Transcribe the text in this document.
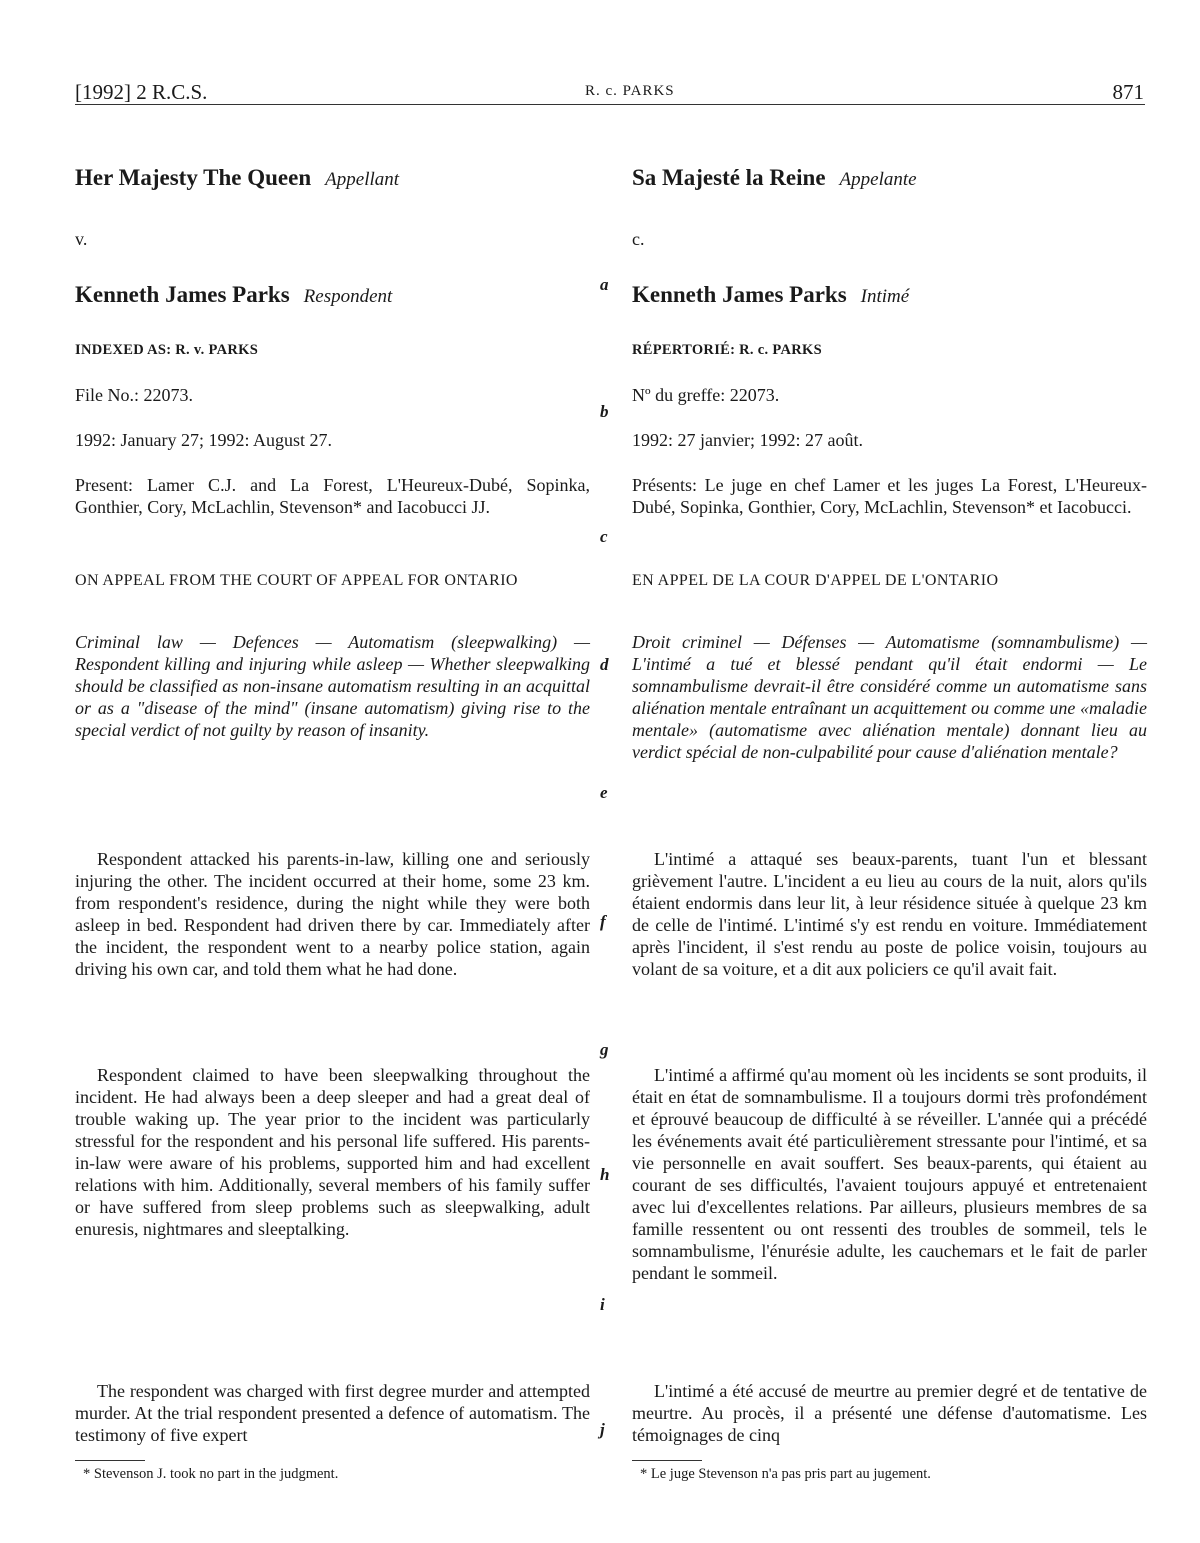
[1992] 2 R.C.S.	R. c. PARKS	871
Her Majesty The Queen Appellant
v.
Kenneth James Parks Respondent
INDEXED AS: R. v. PARKS
File No.: 22073.
1992: January 27; 1992: August 27.
Present: Lamer C.J. and La Forest, L'Heureux-Dubé, Sopinka, Gonthier, Cory, McLachlin, Stevenson* and Iacobucci JJ.
ON APPEAL FROM THE COURT OF APPEAL FOR ONTARIO
Criminal law — Defences — Automatism (sleepwalking) — Respondent killing and injuring while asleep — Whether sleepwalking should be classified as non-insane automatism resulting in an acquittal or as a "disease of the mind" (insane automatism) giving rise to the special verdict of not guilty by reason of insanity.

Respondent attacked his parents-in-law, killing one and seriously injuring the other. The incident occurred at their home, some 23 km. from respondent's residence, during the night while they were both asleep in bed. Respondent had driven there by car. Immediately after the incident, the respondent went to a nearby police station, again driving his own car, and told them what he had done.

Respondent claimed to have been sleepwalking throughout the incident. He had always been a deep sleeper and had a great deal of trouble waking up. The year prior to the incident was particularly stressful for the respondent and his personal life suffered. His parents-in-law were aware of his problems, supported him and had excellent relations with him. Additionally, several members of his family suffer or have suffered from sleep problems such as sleepwalking, adult enuresis, nightmares and sleeptalking.

The respondent was charged with first degree murder and attempted murder. At the trial respondent presented a defence of automatism. The testimony of five expert

* Stevenson J. took no part in the judgment.
Sa Majesté la Reine Appelante
c.
Kenneth James Parks Intimé
RÉPERTORIÉ: R. c. PARKS
Nº du greffe: 22073.
1992: 27 janvier; 1992: 27 août.
Présents: Le juge en chef Lamer et les juges La Forest, L'Heureux-Dubé, Sopinka, Gonthier, Cory, McLachlin, Stevenson* et Iacobucci.
EN APPEL DE LA COUR D'APPEL DE L'ONTARIO
Droit criminel — Défenses — Automatisme (somnambulisme) — L'intimé a tué et blessé pendant qu'il était endormi — Le somnambulisme devrait-il être considéré comme un automatisme sans aliénation mentale entraînant un acquittement ou comme une «maladie mentale» (automatisme avec aliénation mentale) donnant lieu au verdict spécial de non-culpabilité pour cause d'aliénation mentale?

L'intimé a attaqué ses beaux-parents, tuant l'un et blessant grièvement l'autre. L'incident a eu lieu au cours de la nuit, alors qu'ils étaient endormis dans leur lit, à leur résidence située à quelque 23 km de celle de l'intimé. L'intimé s'y est rendu en voiture. Immédiatement après l'incident, il s'est rendu au poste de police voisin, toujours au volant de sa voiture, et a dit aux policiers ce qu'il avait fait.

L'intimé a affirmé qu'au moment où les incidents se sont produits, il était en état de somnambulisme. Il a toujours dormi très profondément et éprouvé beaucoup de difficulté à se réveiller. L'année qui a précédé les événements avait été particulièrement stressante pour l'intimé, et sa vie personnelle en avait souffert. Ses beaux-parents, qui étaient au courant de ses difficultés, l'avaient toujours appuyé et entretenaient avec lui d'excellentes relations. Par ailleurs, plusieurs membres de sa famille ressentent ou ont ressenti des troubles de sommeil, tels le somnambulisme, l'énurésie adulte, les cauchemars et le fait de parler pendant le sommeil.

L'intimé a été accusé de meurtre au premier degré et de tentative de meurtre. Au procès, il a présenté une défense d'automatisme. Les témoignages de cinq

* Le juge Stevenson n'a pas pris part au jugement.
a
b
c
d
e
f
g
h
i
j
